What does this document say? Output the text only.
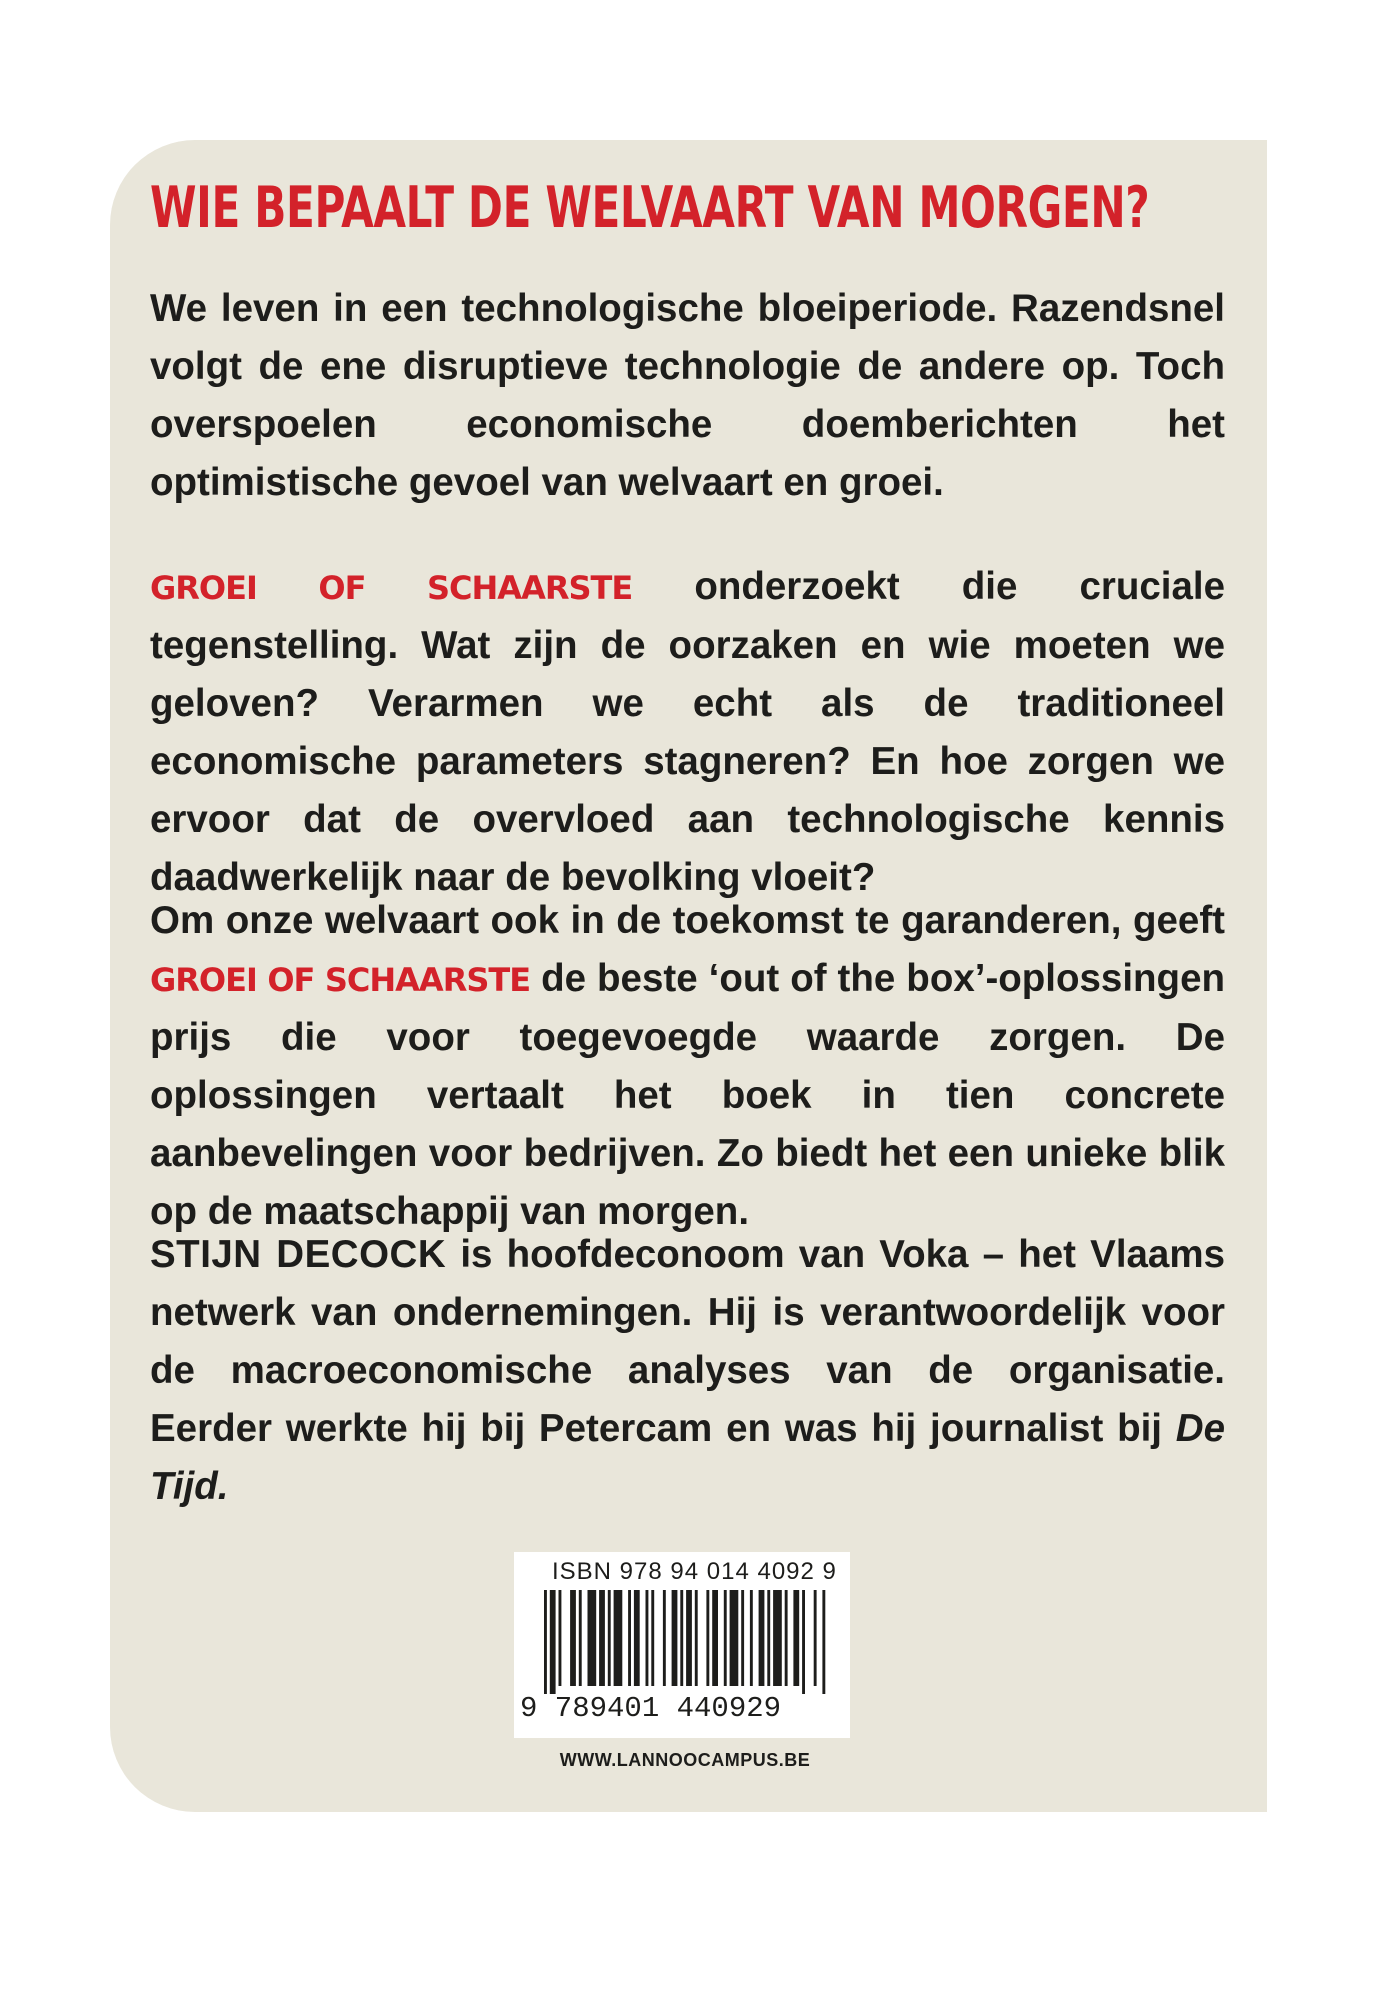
WIE BEPAALT DE WELVAART VAN MORGEN?

We leven in een technologische bloeiperiode. Razendsnel volgt de ene disruptieve technologie de andere op. Toch overspoelen economische doemberichten het optimistische gevoel van welvaart en groei.

GROEI OF SCHAARSTE onderzoekt die cruciale tegenstelling. Wat zijn de oorzaken en wie moeten we geloven? Verarmen we echt als de traditioneel economische parameters stagneren? En hoe zorgen we ervoor dat de overvloed aan technologische kennis daadwerkelijk naar de bevolking vloeit?

Om onze welvaart ook in de toekomst te garanderen, geeft GROEI OF SCHAARSTE de beste ‘out of the box’-oplossingen prijs die voor toegevoegde waarde zorgen. De oplossingen vertaalt het boek in tien concrete aanbevelingen voor bedrijven. Zo biedt het een unieke blik op de maatschappij van morgen.

STIJN DECOCK is hoofdeconoom van Voka – het Vlaams netwerk van ondernemingen. Hij is verantwoordelijk voor de macroeconomische analyses van de organisatie. Eerder werkte hij bij Petercam en was hij journalist bij De Tijd.

ISBN 978 94 014 4092 9
9 789401 440929
WWW.LANNOOCAMPUS.BE
